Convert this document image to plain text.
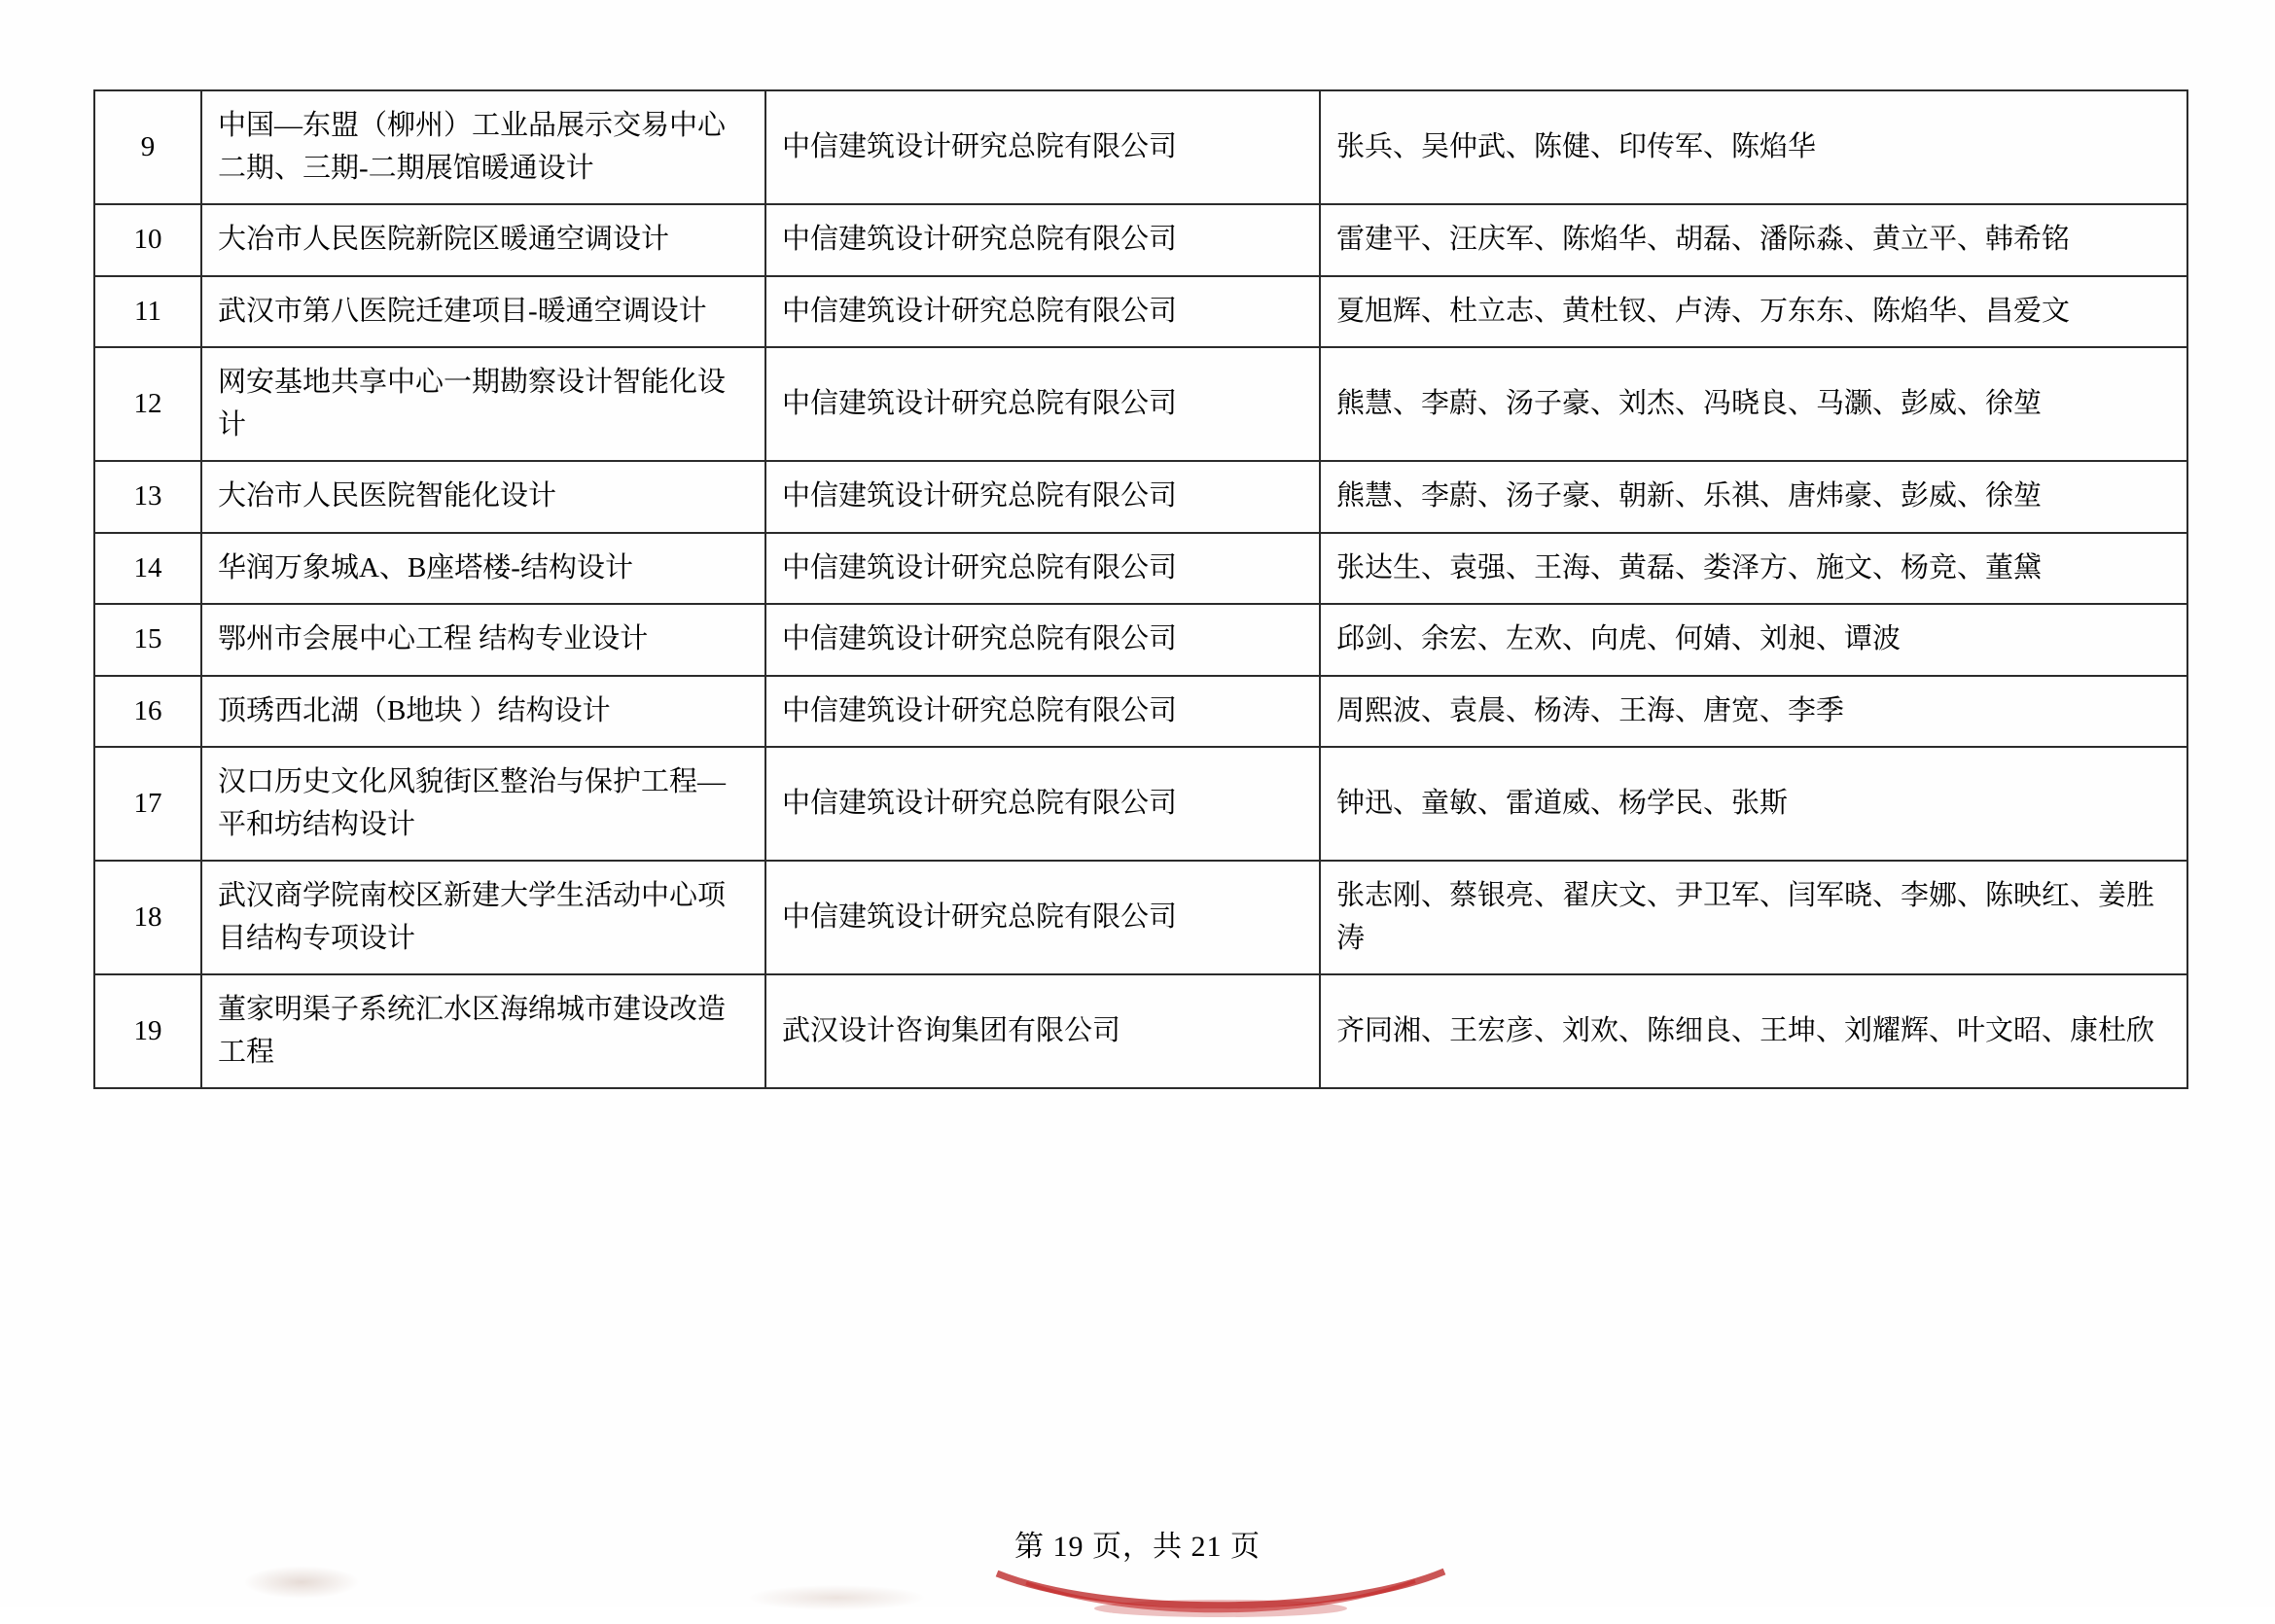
9	中国—东盟（柳州）工业品展示交易中心 二期、三期-二期展馆暖通设计	中信建筑设计研究总院有限公司	张兵、吴仲武、陈健、印传军、陈焰华

10	大冶市人民医院新院区暖通空调设计	中信建筑设计研究总院有限公司	雷建平、汪庆军、陈焰华、胡磊、潘际淼、黄立平、韩希铭

11	武汉市第八医院迁建项目-暖通空调设计	中信建筑设计研究总院有限公司	夏旭辉、杜立志、黄杜钗、卢涛、万东东、陈焰华、昌爱文

12	网安基地共享中心一期勘察设计智能化设计	中信建筑设计研究总院有限公司	熊慧、李蔚、汤子豪、刘杰、冯晓良、马灏、彭威、徐堃

13	大冶市人民医院智能化设计	中信建筑设计研究总院有限公司	熊慧、李蔚、汤子豪、朝新、乐祺、唐炜豪、彭威、徐堃

14	华润万象城A、B座塔楼-结构设计	中信建筑设计研究总院有限公司	张达生、袁强、王海、黄磊、娄泽方、施文、杨竞、董黛

15	鄂州市会展中心工程 结构专业设计	中信建筑设计研究总院有限公司	邱剑、余宏、左欢、向虎、何婧、刘昶、谭波

16	顶琇西北湖（B地块 ）结构设计	中信建筑设计研究总院有限公司	周熙波、袁晨、杨涛、王海、唐宽、李季

17	汉口历史文化风貌街区整治与保护工程—平和坊结构设计	中信建筑设计研究总院有限公司	钟迅、童敏、雷道威、杨学民、张斯

18	武汉商学院南校区新建大学生活动中心项目结构专项设计	中信建筑设计研究总院有限公司	张志刚、蔡银亮、翟庆文、尹卫军、闫军晓、李娜、陈映红、姜胜涛

19	董家明渠子系统汇水区海绵城市建设改造工程	武汉设计咨询集团有限公司	齐同湘、王宏彦、刘欢、陈细良、王坤、刘耀辉、叶文昭、康杜欣
第 19 页，共 21 页
